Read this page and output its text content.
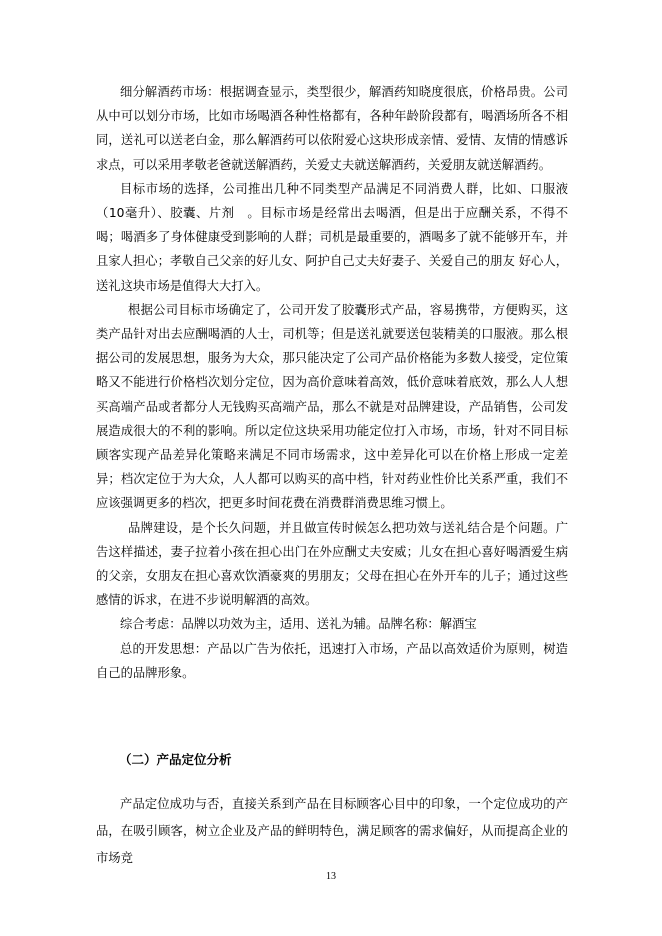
细分解酒药市场：根据调查显示，类型很少，解酒药知晓度很底，价格昂贵。公司从中可以划分市场，比如市场喝酒各种性格都有，各种年龄阶段都有，喝酒场所各不相同，送礼可以送老白金，那么解酒药可以依附爱心这块形成亲情、爱情、友情的情感诉求点，可以采用孝敬老爸就送解酒药，关爱丈夫就送解酒药，关爱朋友就送解酒药。

目标市场的选择，公司推出几种不同类型产品满足不同消费人群，比如、口服液（10毫升）、胶囊、片剂　。目标市场是经常出去喝酒，但是出于应酬关系，不得不喝；喝酒多了身体健康受到影响的人群；司机是最重要的，酒喝多了就不能够开车，并且家人担心；孝敬自己父亲的好儿女、阿护自己丈夫好妻子、关爱自己的朋友 好心人，送礼这块市场是值得大大打入。

根据公司目标市场确定了，公司开发了胶囊形式产品，容易携带，方便购买，这类产品针对出去应酬喝酒的人士，司机等；但是送礼就要送包装精美的口服液。那么根据公司的发展思想，服务为大众，那只能决定了公司产品价格能为多数人接受，定位策略又不能进行价格档次划分定位，因为高价意味着高效，低价意味着底效，那么人人想买高端产品或者都分人无钱购买高端产品，那么不就是对品牌建设，产品销售，公司发展造成很大的不利的影响。所以定位这块采用功能定位打入市场，市场，针对不同目标顾客实现产品差异化策略来满足不同市场需求，这中差异化可以在价格上形成一定差异；档次定位于为大众，人人都可以购买的高中档，针对药业性价比关系严重，我们不应该强调更多的档次，把更多时间花费在消费群消费思维习惯上。

品牌建设，是个长久问题，并且做宣传时候怎么把功效与送礼结合是个问题。广告这样描述，妻子拉着小孩在担心出门在外应酬丈夫安威；儿女在担心喜好喝酒爱生病的父亲，女朋友在担心喜欢饮酒豪爽的男朋友；父母在担心在外开车的儿子；通过这些感情的诉求，在进不步说明解酒的高效。

综合考虑：品牌以功效为主，适用、送礼为辅。品牌名称：解酒宝

总的开发思想：产品以广告为依托，迅速打入市场，产品以高效适价为原则，树造自己的品牌形象。

（二）产品定位分析

产品定位成功与否，直接关系到产品在目标顾客心目中的印象，一个定位成功的产品，在吸引顾客，树立企业及产品的鲜明特色，满足顾客的需求偏好，从而提高企业的市场竞

13
